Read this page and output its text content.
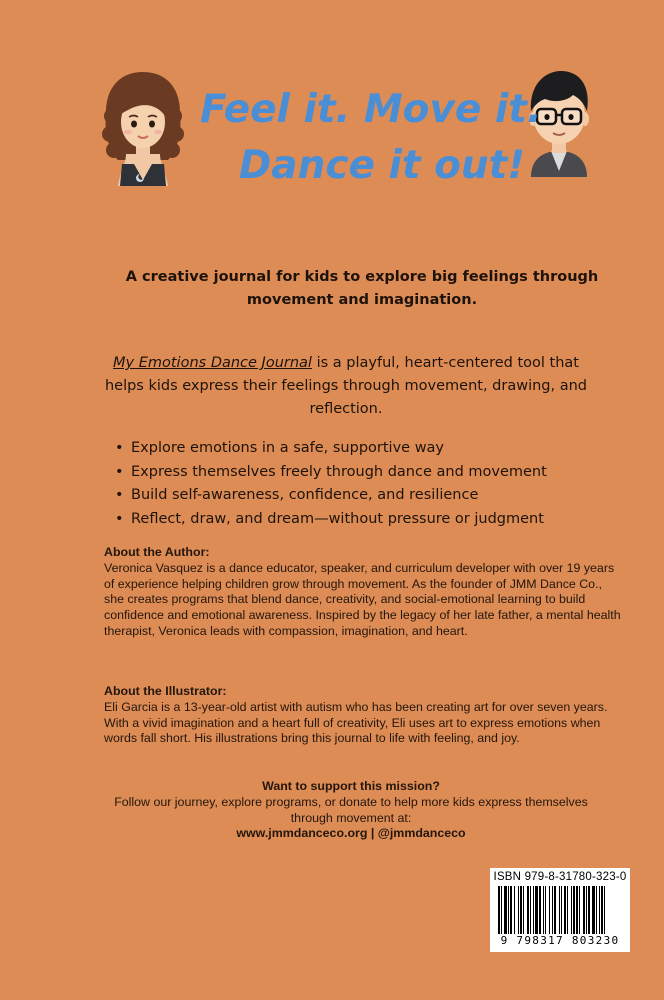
Feel it. Move it.
Dance it out!
A creative journal for kids to explore big feelings through movement and imagination.
My Emotions Dance Journal is a playful, heart-centered tool that helps kids express their feelings through movement, drawing, and reflection.
• Explore emotions in a safe, supportive way
• Express themselves freely through dance and movement
• Build self-awareness, confidence, and resilience
• Reflect, draw, and dream—without pressure or judgment
About the Author:
Veronica Vasquez is a dance educator, speaker, and curriculum developer with over 19 years of experience helping children grow through movement. As the founder of JMM Dance Co., she creates programs that blend dance, creativity, and social-emotional learning to build confidence and emotional awareness. Inspired by the legacy of her late father, a mental health therapist, Veronica leads with compassion, imagination, and heart.
About the Illustrator:
Eli Garcia is a 13-year-old artist with autism who has been creating art for over seven years. With a vivid imagination and a heart full of creativity, Eli uses art to express emotions when words fall short. His illustrations bring this journal to life with feeling, and joy.
Want to support this mission?
Follow our journey, explore programs, or donate to help more kids express themselves through movement at:
www.jmmdanceco.org | @jmmdanceco
ISBN 979-8-31780-323-0
9 798317 803230
